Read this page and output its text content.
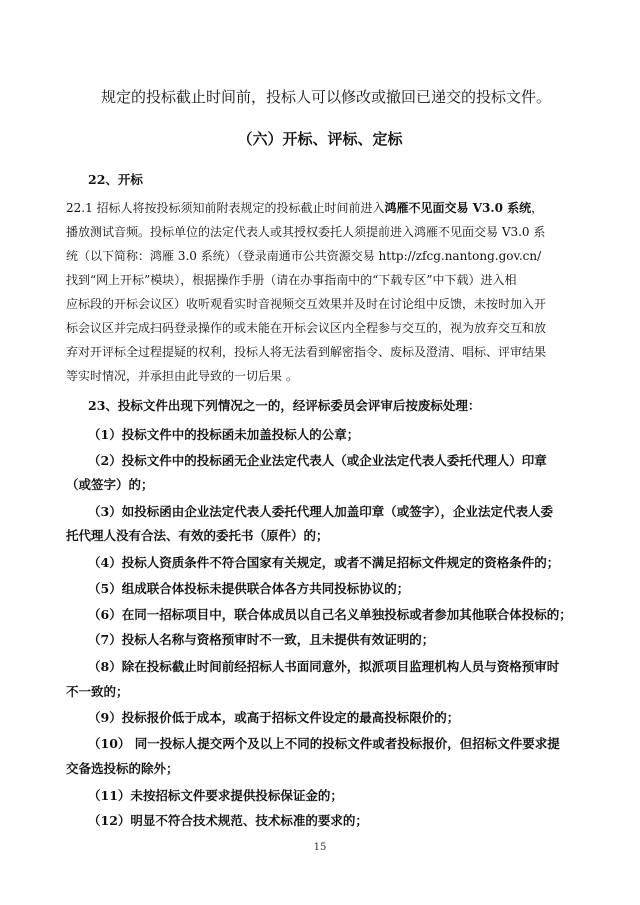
规定的投标截止时间前，投标人可以修改或撤回已递交的投标文件。

（六）开标、评标、定标

22、开标

22.1 招标人将按投标须知前附表规定的投标截止时间前进入鸿雁不见面交易 V3.0 系统，
播放测试音频。投标单位的法定代表人或其授权委托人须提前进入鸿雁不见面交易 V3.0 系
统（以下简称：鸿雁 3.0 系统）（登录南通市公共资源交易 http://zfcg.nantong.gov.cn/
找到“网上开标”模块），根据操作手册（请在办事指南中的“下载专区”中下载）进入相
应标段的开标会议区）收听观看实时音视频交互效果并及时在讨论组中反馈，未按时加入开
标会议区并完成扫码登录操作的或未能在开标会议区内全程参与交互的，视为放弃交互和放
弃对开评标全过程提疑的权利，投标人将无法看到解密指令、废标及澄清、唱标、评审结果
等实时情况，并承担由此导致的一切后果 。

23、投标文件出现下列情况之一的，经评标委员会评审后按废标处理：

（1）投标文件中的投标函未加盖投标人的公章；

（2）投标文件中的投标函无企业法定代表人（或企业法定代表人委托代理人）印章

（或签字）的；

（3）如投标函由企业法定代表人委托代理人加盖印章（或签字），企业法定代表人委

托代理人没有合法、有效的委托书（原件）的；

（4）投标人资质条件不符合国家有关规定，或者不满足招标文件规定的资格条件的；

（5）组成联合体投标未提供联合体各方共同投标协议的；

（6）在同一招标项目中，联合体成员以自己名义单独投标或者参加其他联合体投标的；

（7）投标人名称与资格预审时不一致，且未提供有效证明的；

（8）除在投标截止时间前经招标人书面同意外，拟派项目监理机构人员与资格预审时

不一致的；

（9）投标报价低于成本，或高于招标文件设定的最高投标限价的；

（10） 同一投标人提交两个及以上不同的投标文件或者投标报价，但招标文件要求提

交备选投标的除外；

（11）未按招标文件要求提供投标保证金的；

（12）明显不符合技术规范、技术标准的要求的；

15
